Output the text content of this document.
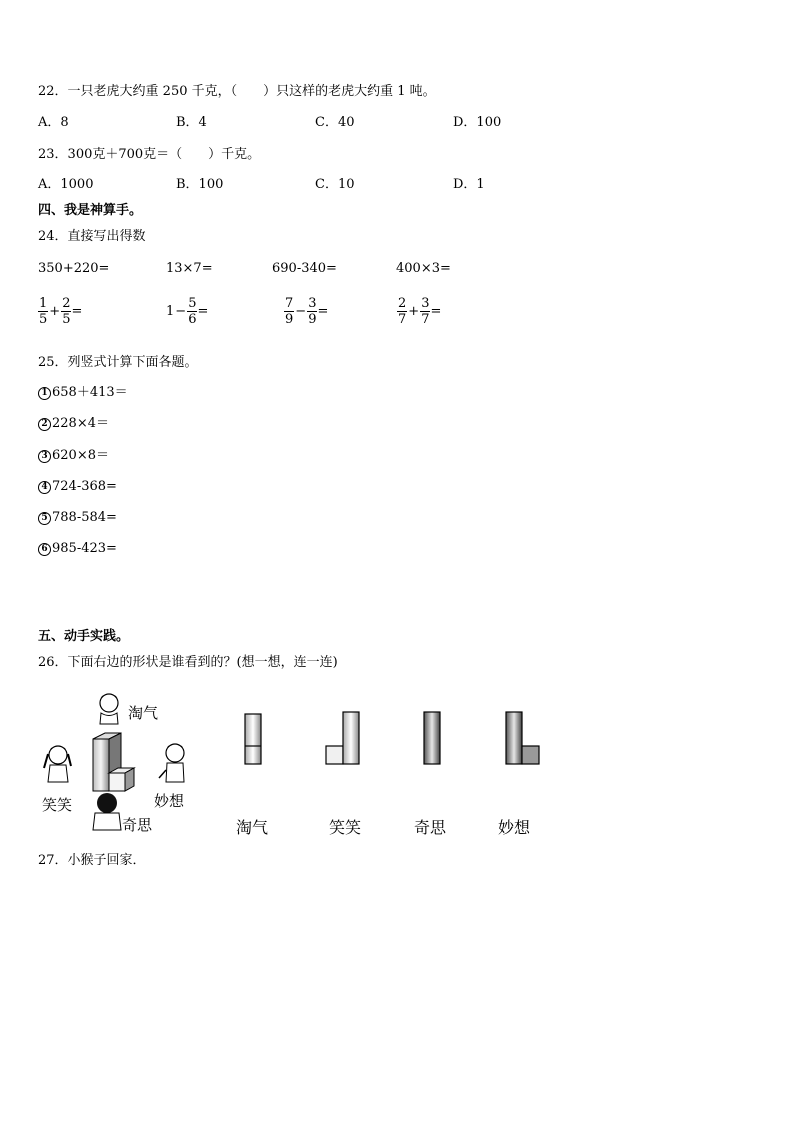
22．一只老虎大约重 250 千克，（　　）只这样的老虎大约重 1 吨。
A．8	B．4	C．40	D．100
23．300克＋700克＝（　　）千克。
A．1000	B．100	C．10	D．1
四、我是神算手。
24．直接写出得数
350+220=	13×7=	690-340=	400×3=
$\frac{1}{5} + \frac{2}{5}$ =	$1 - \frac{5}{6}$ =	$\frac{7}{9} - \frac{3}{9}$ =	$\frac{2}{7} + \frac{3}{7}$ =
25．列竖式计算下面各题。
1 658＋413＝
2 228×4＝
3 620×8＝
4 724-368=
5 788-584=
6 985-423=
五、动手实践。
26．下面右边的形状是谁看到的？(想一想，连一连)
淘气
笑笑	妙想
奇思	淘气	笑笑	奇思	妙想
27．小猴子回家．
